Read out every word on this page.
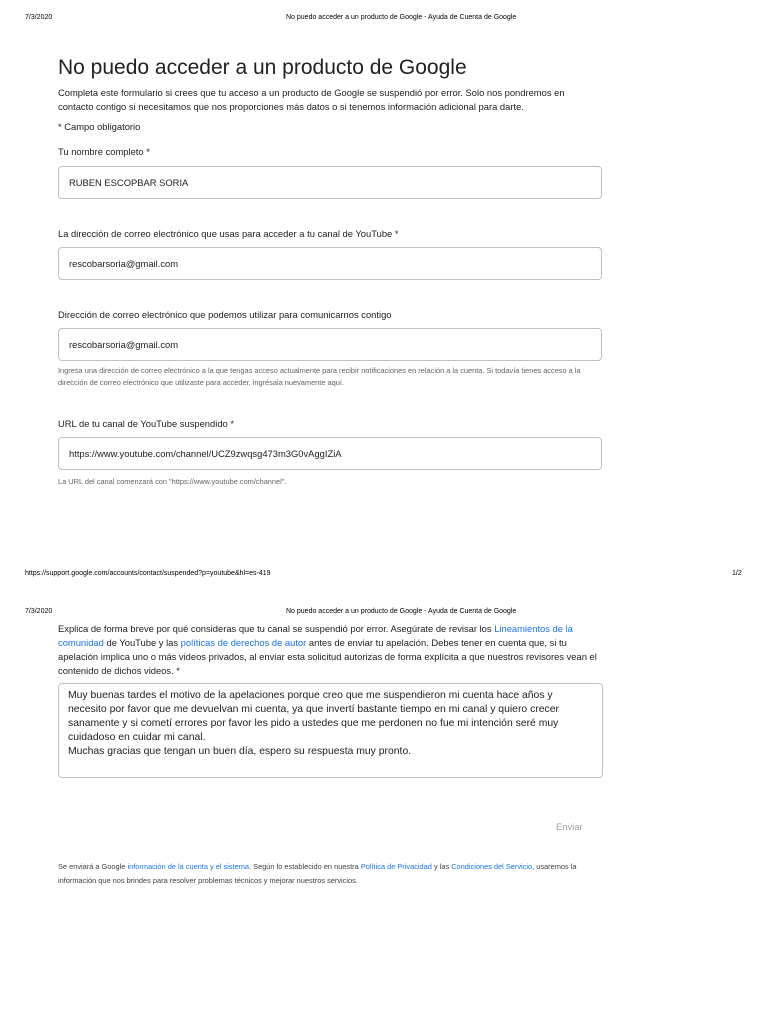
7/3/2020	No puedo acceder a un producto de Google - Ayuda de Cuenta de Google
No puedo acceder a un producto de Google
Completa este formulario si crees que tu acceso a un producto de Google se suspendió por error. Solo nos pondremos en contacto contigo si necesitamos que nos proporciones más datos o si tenemos información adicional para darte.
* Campo obligatorio
Tu nombre completo *
RUBEN ESCOPBAR SORIA
La dirección de correo electrónico que usas para acceder a tu canal de YouTube *
rescobarsoria@gmail.com
Dirección de correo electrónico que podemos utilizar para comunicarnos contigo
rescobarsoria@gmail.com
Ingresa una dirección de correo electrónico a la que tengas acceso actualmente para recibir notificaciones en relación a la cuenta. Si todavía tienes acceso a la dirección de correo electrónico que utilizaste para acceder, ingrésala nuevamente aquí.
URL de tu canal de YouTube suspendido *
https://www.youtube.com/channel/UCZ9zwqsg473m3G0vAggIZiA
La URL del canal comenzará con "https://www.youtube.com/channel".
https://support.google.com/accounts/contact/suspended?p=youtube&hl=es-419	1/2
7/3/2020	No puedo acceder a un producto de Google - Ayuda de Cuenta de Google
Explica de forma breve por qué consideras que tu canal se suspendió por error. Asegúrate de revisar los Lineamientos de la comunidad de YouTube y las políticas de derechos de autor antes de enviar tu apelación. Debes tener en cuenta que, si tu apelación implica uno o más videos privados, al enviar esta solicitud autorizas de forma explícita a que nuestros revisores vean el contenido de dichos videos. *
Muy buenas tardes el motivo de la apelaciones porque creo que me suspendieron mi cuenta hace años y necesito por favor que me devuelvan mi cuenta, ya que invertí bastante tiempo en mi canal y quiero crecer sanamente y si cometí errores por favor les pido a ustedes que me perdonen no fue mi intención seré muy cuidadoso en cuidar mi canal.
Muchas gracias que tengan un buen día, espero su respuesta muy pronto.
Enviar
Se enviará a Google información de la cuenta y el sistema. Según lo establecido en nuestra Política de Privacidad y las Condiciones del Servicio, usaremos la información que nos brindes para resolver problemas técnicos y mejorar nuestros servicios.
